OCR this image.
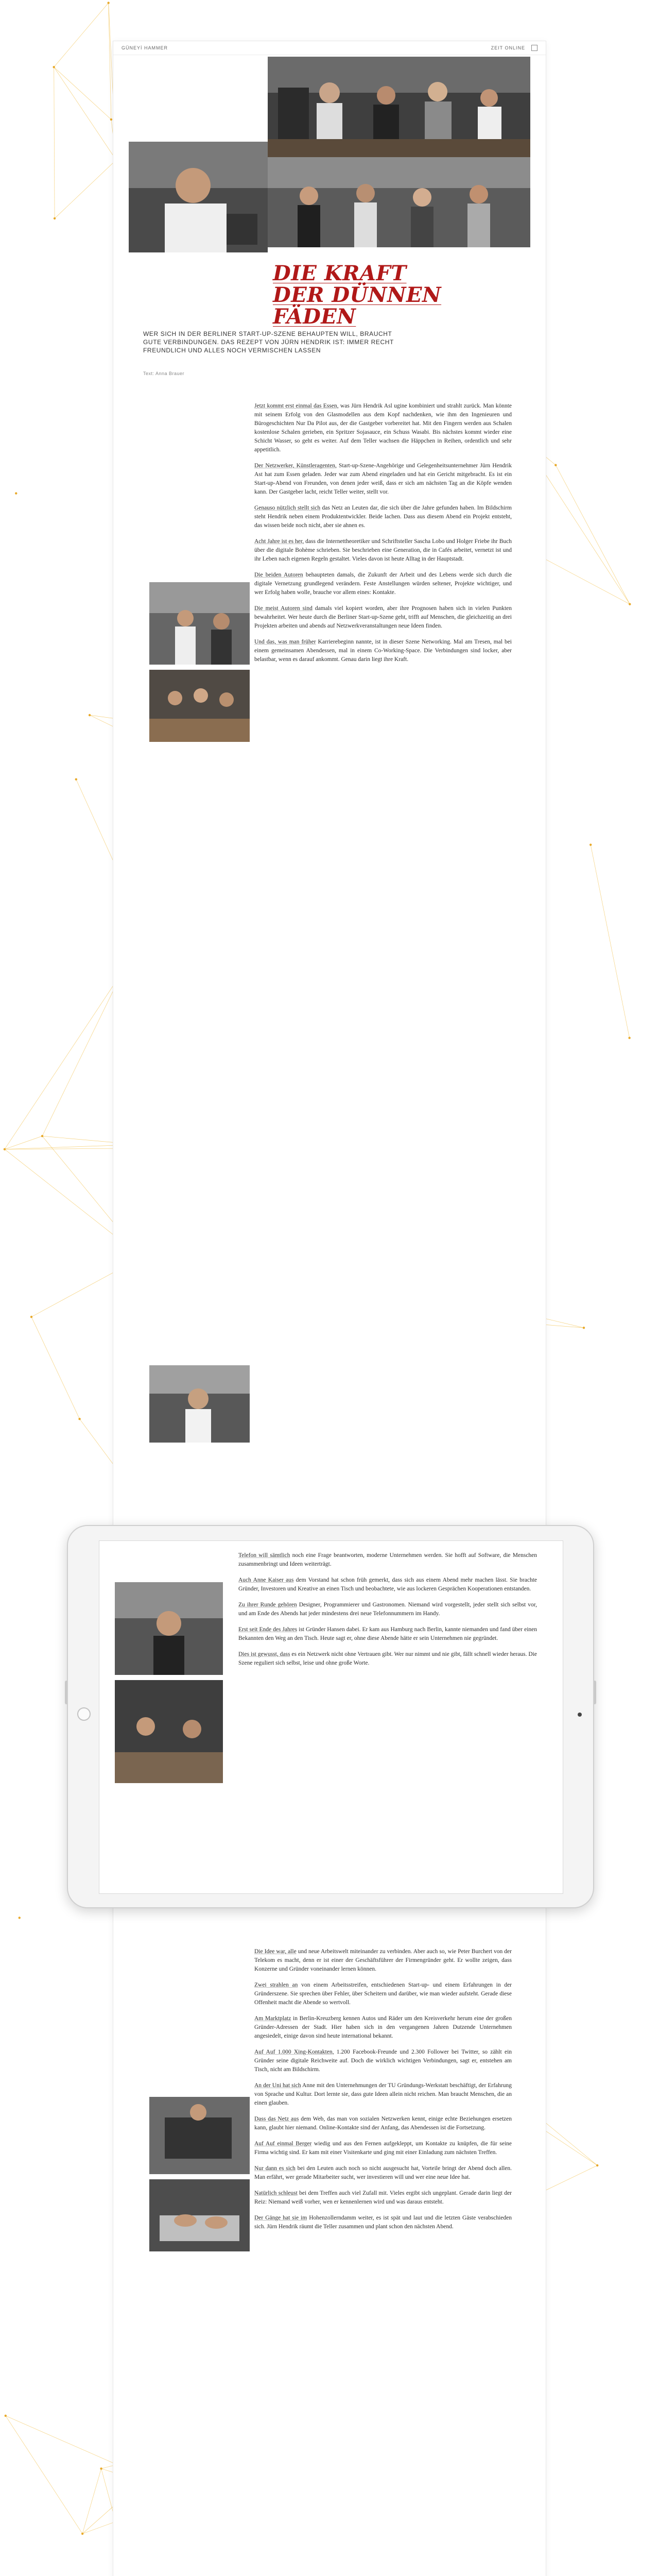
GÜNEYİ HAMMER	ZEIT ONLINE
DIE KRAFT
DER DÜNNEN FÄDEN

WER SICH IN DER BERLINER START-UP-SZENE BEHAUPTEN WILL, BRAUCHT GUTE VERBINDUNGEN. DAS REZEPT VON JÜRN HENDRIK IST: IMMER RECHT FREUNDLICH UND ALLES NOCH VERMISCHEN LASSEN

Text: Anna Brauer

Jetzt kommt erst einmal das Essen, was Jürn Hendrik Asl ugine kombiniert und strahlt zurück. Man könnte mit seinem Erfolg von den Glasmodellen aus dem Kopf nachdenken, wie ihm den Ingenieuren und Bürogeschichten Nur Da Pilot aus, der die Gastgeber vorbereitet hat. Mit den Fingern werden aus Schalen kostenlose Schalen gerieben, ein Spritzer Sojasauce, ein Schuss Wasabi. Bis nächstes kommt wieder eine Schicht Wasser, so geht es weiter. Auf dem Teller wachsen die Häppchen in Reihen, ordentlich und sehr appetitlich.

Der Netzwerker, Künstleragenten, Start-up-Szene-Angehörige und Gelegenheitsunternehmer Jürn Hendrik Ast hat zum Essen geladen. Jeder war zum Abend eingeladen und hat ein Gericht mitgebracht. Es ist ein Start-up-Abend von Freunden, von denen jeder weiß, dass er sich am nächsten Tag an die Köpfe wenden kann. Der Gastgeber lacht, reicht Teller weiter, stellt vor.

Genauso nützlich stellt sich das Netz an Leuten dar, die sich über die Jahre gefunden haben. Im Bildschirm steht Hendrik neben einem Produktentwickler. Beide lachen. Dass aus diesem Abend ein Projekt entsteht, das wissen beide noch nicht, aber sie ahnen es.

Acht Jahre ist es her, dass die Internettheoretiker und Schriftsteller Sascha Lobo und Holger Friebe ihr Buch über die digitale Bohème schrieben. Sie beschrieben eine Generation, die in Cafés arbeitet, vernetzt ist und ihr Leben nach eigenen Regeln gestaltet. Vieles davon ist heute Alltag in der Hauptstadt.

Die beiden Autoren behaupteten damals, die Zukunft der Arbeit und des Lebens werde sich durch die digitale Vernetzung grundlegend verändern. Feste Anstellungen würden seltener, Projekte wichtiger, und wer Erfolg haben wolle, brauche vor allem eines: Kontakte.

Die meist Autoren sind damals viel kopiert worden, aber ihre Prognosen haben sich in vielen Punkten bewahrheitet. Wer heute durch die Berliner Start-up-Szene geht, trifft auf Menschen, die gleichzeitig an drei Projekten arbeiten und abends auf Netzwerkveranstaltungen neue Ideen finden.

Und das, was man früher Karrierebeginn nannte, ist in dieser Szene Networking. Mal am Tresen, mal bei einem gemeinsamen Abendessen, mal in einem Co-Working-Space. Die Verbindungen sind locker, aber belastbar, wenn es darauf ankommt. Genau darin liegt ihre Kraft.

Die Idee war, alle und neue Arbeitswelt miteinander zu verbinden. Aber auch so, wie Peter Burchert von der Telekom es macht, denn er ist einer der Geschäftsführer der Firmengründer geht. Er wollte zeigen, dass Konzerne und Gründer voneinander lernen können.

Zwei strahlen an von einem Arbeitsstreifen, entschiedenen Start-up- und einem Erfahrungen in der Gründerszene. Sie sprechen über Fehler, über Scheitern und darüber, wie man wieder aufsteht. Gerade diese Offenheit macht die Abende so wertvoll.

Am Marktplatz in Berlin-Kreuzberg kennen Autos und Räder um den Kreisverkehr herum eine der großen Gründer-Adressen der Stadt. Hier haben sich in den vergangenen Jahren Dutzende Unternehmen angesiedelt, einige davon sind heute international bekannt.

Auf Auf 1.000 Xing-Kontakten, 1.200 Facebook-Freunde und 2.300 Follower bei Twitter, so zählt ein Gründer seine digitale Reichweite auf. Doch die wirklich wichtigen Verbindungen, sagt er, entstehen am Tisch, nicht am Bildschirm.

An der Uni hat sich Anne mit den Unternehmungen der TU Gründungs-Werkstatt beschäftigt, der Erfahrung von Sprache und Kultur. Dort lernte sie, dass gute Ideen allein nicht reichen. Man braucht Menschen, die an einen glauben.

Dass das Netz aus dem Web, das man von sozialen Netzwerken kennt, einige echte Beziehungen ersetzen kann, glaubt hier niemand. Online-Kontakte sind der Anfang, das Abendessen ist die Fortsetzung.

Auf Auf einmal Berger wiedig und aus den Fernen aufgekleppt, um Kontakte zu knüpfen, die für seine Firma wichtig sind. Er kam mit einer Visitenkarte und ging mit einer Einladung zum nächsten Treffen.

Nur dann es sich bei den Leuten auch noch so nicht ausgesucht hat, Vorteile bringt der Abend doch allen. Man erfährt, wer gerade Mitarbeiter sucht, wer investieren will und wer eine neue Idee hat.

Natürlich schleust bei dem Treffen auch viel Zufall mit. Vieles ergibt sich ungeplant. Gerade darin liegt der Reiz: Niemand weiß vorher, wen er kennenlernen wird und was daraus entsteht.

Der Gänge hat sie im Hohenzollerndamm weiter, es ist spät und laut und die letzten Gäste verabschieden sich. Jürn Hendrik räumt die Teller zusammen und plant schon den nächsten Abend.

Telefon will sämtlich noch eine Frage beantworten, moderne Unternehmen werden. Sie hofft auf Software, die Menschen zusammenbringt und Ideen weiterträgt.

Auch Anne Kaiser aus dem Vorstand hat schon früh gemerkt, dass sich aus einem Abend mehr machen lässt. Sie brachte Gründer, Investoren und Kreative an einen Tisch und beobachtete, wie aus lockeren Gesprächen Kooperationen entstanden.

Zu ihrer Runde gehören Designer, Programmierer und Gastronomen. Niemand wird vorgestellt, jeder stellt sich selbst vor, und am Ende des Abends hat jeder mindestens drei neue Telefonnummern im Handy.

Erst seit Ende des Jahres ist Gründer Hansen dabei. Er kam aus Hamburg nach Berlin, kannte niemanden und fand über einen Bekannten den Weg an den Tisch. Heute sagt er, ohne diese Abende hätte er sein Unternehmen nie gegründet.

Dies ist gewusst, dass es ein Netzwerk nicht ohne Vertrauen gibt. Wer nur nimmt und nie gibt, fällt schnell wieder heraus. Die Szene reguliert sich selbst, leise und ohne große Worte.
